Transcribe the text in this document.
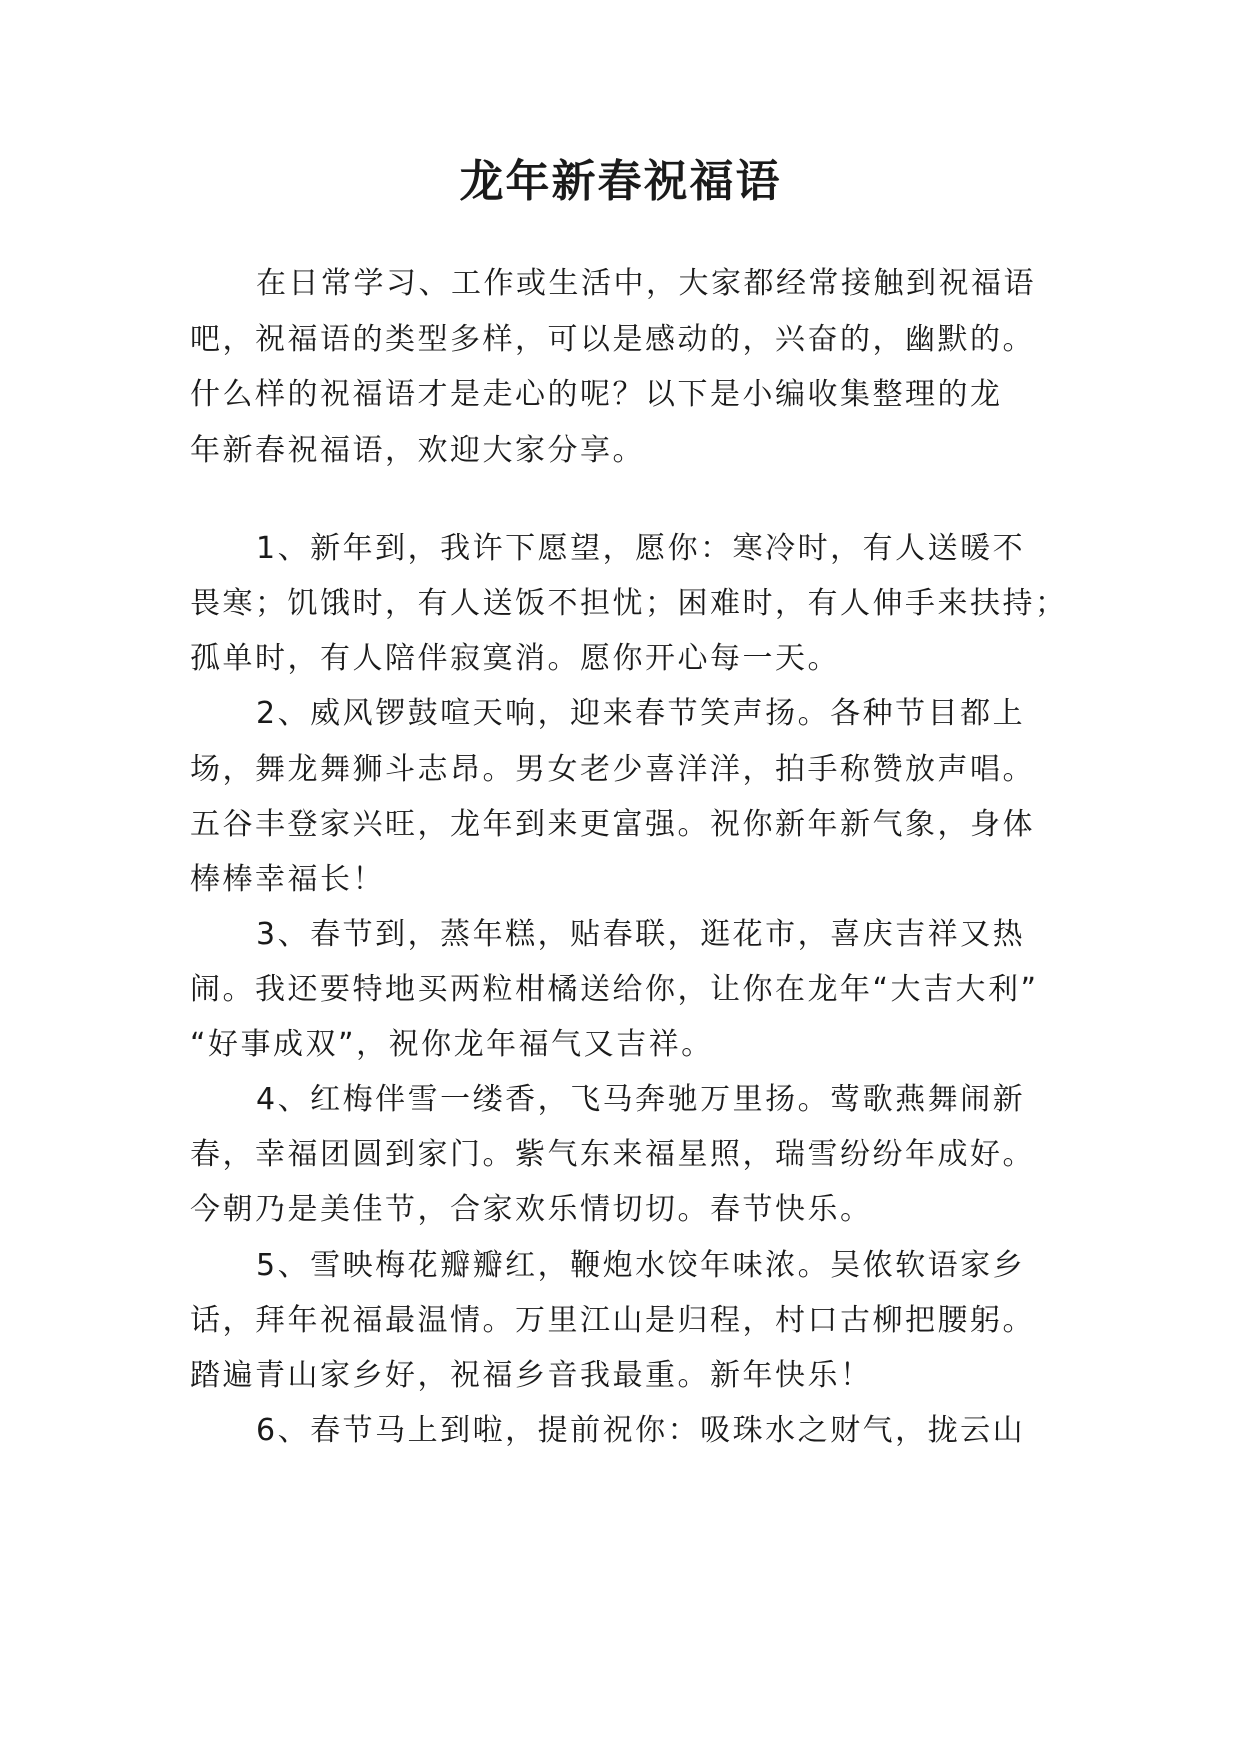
龙年新春祝福语
在日常学习、工作或生活中，大家都经常接触到祝福语
吧，祝福语的类型多样，可以是感动的，兴奋的，幽默的。
什么样的祝福语才是走心的呢？以下是小编收集整理的龙
年新春祝福语，欢迎大家分享。
1、新年到，我许下愿望，愿你：寒冷时，有人送暖不
畏寒；饥饿时，有人送饭不担忧；困难时，有人伸手来扶持；
孤单时，有人陪伴寂寞消。愿你开心每一天。
2、威风锣鼓喧天响，迎来春节笑声扬。各种节目都上
场，舞龙舞狮斗志昂。男女老少喜洋洋，拍手称赞放声唱。
五谷丰登家兴旺，龙年到来更富强。祝你新年新气象，身体
棒棒幸福长！
3、春节到，蒸年糕，贴春联，逛花市，喜庆吉祥又热
闹。我还要特地买两粒柑橘送给你，让你在龙年“大吉大利”
“好事成双”，祝你龙年福气又吉祥。
4、红梅伴雪一缕香，飞马奔驰万里扬。莺歌燕舞闹新
春，幸福团圆到家门。紫气东来福星照，瑞雪纷纷年成好。
今朝乃是美佳节，合家欢乐情切切。春节快乐。
5、雪映梅花瓣瓣红，鞭炮水饺年味浓。吴侬软语家乡
话，拜年祝福最温情。万里江山是归程，村口古柳把腰躬。
踏遍青山家乡好，祝福乡音我最重。新年快乐！
6、春节马上到啦，提前祝你：吸珠水之财气，拢云山
